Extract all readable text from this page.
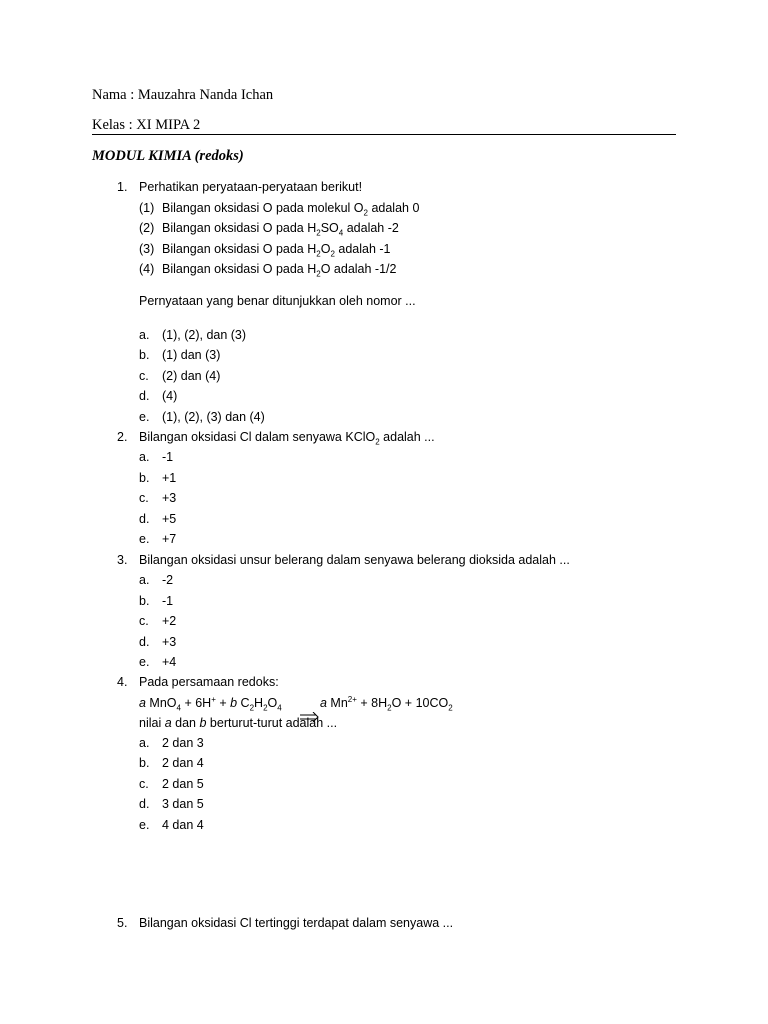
Nama : Mauzahra Nanda Ichan
Kelas : XI MIPA 2
MODUL KIMIA (redoks)
1. Perhatikan peryataan-peryataan berikut!
(1) Bilangan oksidasi O pada molekul $O_2$ adalah 0
(2) Bilangan oksidasi O pada $H_2SO_4$ adalah -2
(3) Bilangan oksidasi O pada $H_2O_2$ adalah -1
(4) Bilangan oksidasi O pada $H_2O$ adalah -1/2
Pernyataan yang benar ditunjukkan oleh nomor ...
a. (1), (2), dan (3)
b. (1) dan (3)
c. (2) dan (4)
d. (4)
e. (1), (2), (3) dan (4)
2. Bilangan oksidasi Cl dalam senyawa KClO$_2$ adalah ...
a. -1
b. +1
c. +3
d. +5
e. +7
3. Bilangan oksidasi unsur belerang dalam senyawa belerang dioksida adalah ...
a. -2
b. -1
c. +2
d. +3
e. +4
4. Pada persamaan redoks:
a MnO$_4$ + 6H+ + b $C_2H_2O_4$	a $Mn^{2+} + 8H_2O + 10CO_2$
nilai a dan b berturut-turut adalah ...
a. 2 dan 3
b. 2 dan 4
c. 2 dan 5
d. 3 dan 5
e. 4 dan 4
5. Bilangan oksidasi Cl tertinggi terdapat dalam senyawa ...
